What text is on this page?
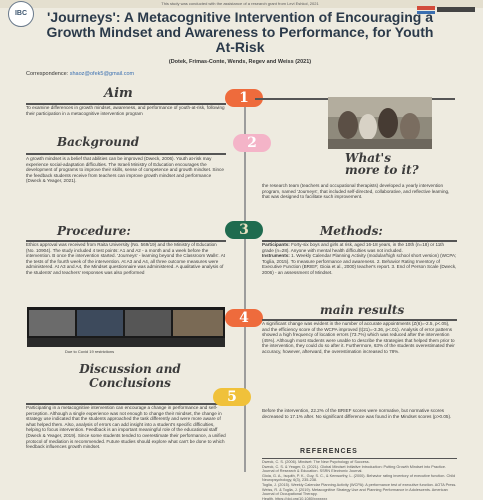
IBC
This study was conducted with the assistance of a research grant from Levi Eshkol, 2021
'Journeys': A Metacognitive Intervention of Encouraging a Growth Mindset and Awareness to Performance, for Youth At-Risk
(Dotek, Frimas-Conte, Wends, Regev and Weiss (2021)
Correspondence: shaoz@ofek5@gmail.com
Aim
To examine differences in growth mindset, awareness, and performance of youth-at-risk, following their participation in a metacognitive intervention program
1
Background
A growth mindset is a belief that abilities can be improved (Dweck, 2006). Youth at-risk may experience social-adaptation difficulties. The Israeli Ministry of Education encourages the development of programs to improve their skills, sense of competence and growth mindset. Since the feedback students receive from teachers can improve growth mindset and performance (Dweck & Yeager, 2021).
2
What's more to it?
the research team (teachers and occupational therapists) developed a yearly intervention program, named 'Journeys', that included self-directed, collaborative, and reflective learning, that was designed to facilitate such improvement.
Procedure:
Ethics approval was received from Raita University (No. 569/19) and the Ministry of Education (No. 10904). The study included 4 test points: A1 and A2 - a month and a week before the intervention. B once the intervention started. 'Journeys' - learning beyond the Classroom Walls'. At the tests of the fourth week of the intervention. At A3 and A4, all three outcome measures were administered. At A3 and A4, the Mindset questionnaire was administered. A qualitative analysis of the students' and teachers' responses was also performed
3	Methods:
Participants: Forty-six boys and girls at risk, aged 16-18 years, in the 10th (n=18) or 11th grade (n=28). Anyone with mental health difficulties was not included.
Instruments: 1. Weekly Calendar Planning Activity (modular/high school short version) (WCPA; Toglia, 2015). To measure performance and awareness. 2. Behavior Rating Inventory of Executive Function (BRIEF; Gioia et al., 2000) teacher's report. 3. End of Person Scale (Dweck, 2006) - an assessment of Mindset.
Due to Covid 19 restrictions
4	main results
A significant change was evident in the number of accurate appointments (Z(6)=-2.5, p<.05), and the efficiency score of the WCPA improved (t(21)=-3.36, p<.01). Analysis of error patterns showed a high frequency of location errors (73.7%) which was reduced after the intervention (45%). Although most students were unable to describe the strategies that helped them prior to the intervention, they could do so after it. Furthermore, 63% of the students overestimated their accuracy, however, afterward, the overestimation increased to 78%.
Before the intervention, 22.2% of the BRIEF scores were normative, but normative scores decreased to 17.1% after. No significant difference was found in the Mindset scores (p>0.05).
Discussion and Conclusions
Participating in a metacognitive intervention can encourage a change in performance and self-perception. Although a single experience was not enough to change their mindset, the change in strategy use indicated that the students approached the task differently and were more aware of what helped them. Also, analysis of errors can add insight into a student's specific difficulties, helping to focus intervention. Feedback is an important meaningful role of the educational staff (Dweck & Yeager, 2019). Since some students tended to overestimate their performance, a unified protocol of mediation is recommended. Future studies should explore what can't be done to which feedback influences growth mindset.
5
REFERENCES
Dweck, C. S. (2006). Mindset: The New Psychology of Success.
Dweck, C. S. & Yeager, D. (2021). Global Mindset Initiative Introduction: Putting Growth Mindset into Practice. Journal of Research & Education. SSRN Electronic Journal.
Gioia, G. A., Isquith, P. K., Guy, S. C., & Kenworthy, L. (2000). Behavior rating inventory of executive function. Child Neuropsychology, 6(3), 235-238.
Toglia, J. (2015). Weekly Calendar Planning Activity (WCPA): A performance test of executive function. AOTA Press.
Weiss, R. & Toglia, J. (2019). Metacognitive Strategy Use and Planning Performance in Adolescents. American Journal of Occupational Therapy.
Health. https://doi.org/10.1080/xxxxxxx
